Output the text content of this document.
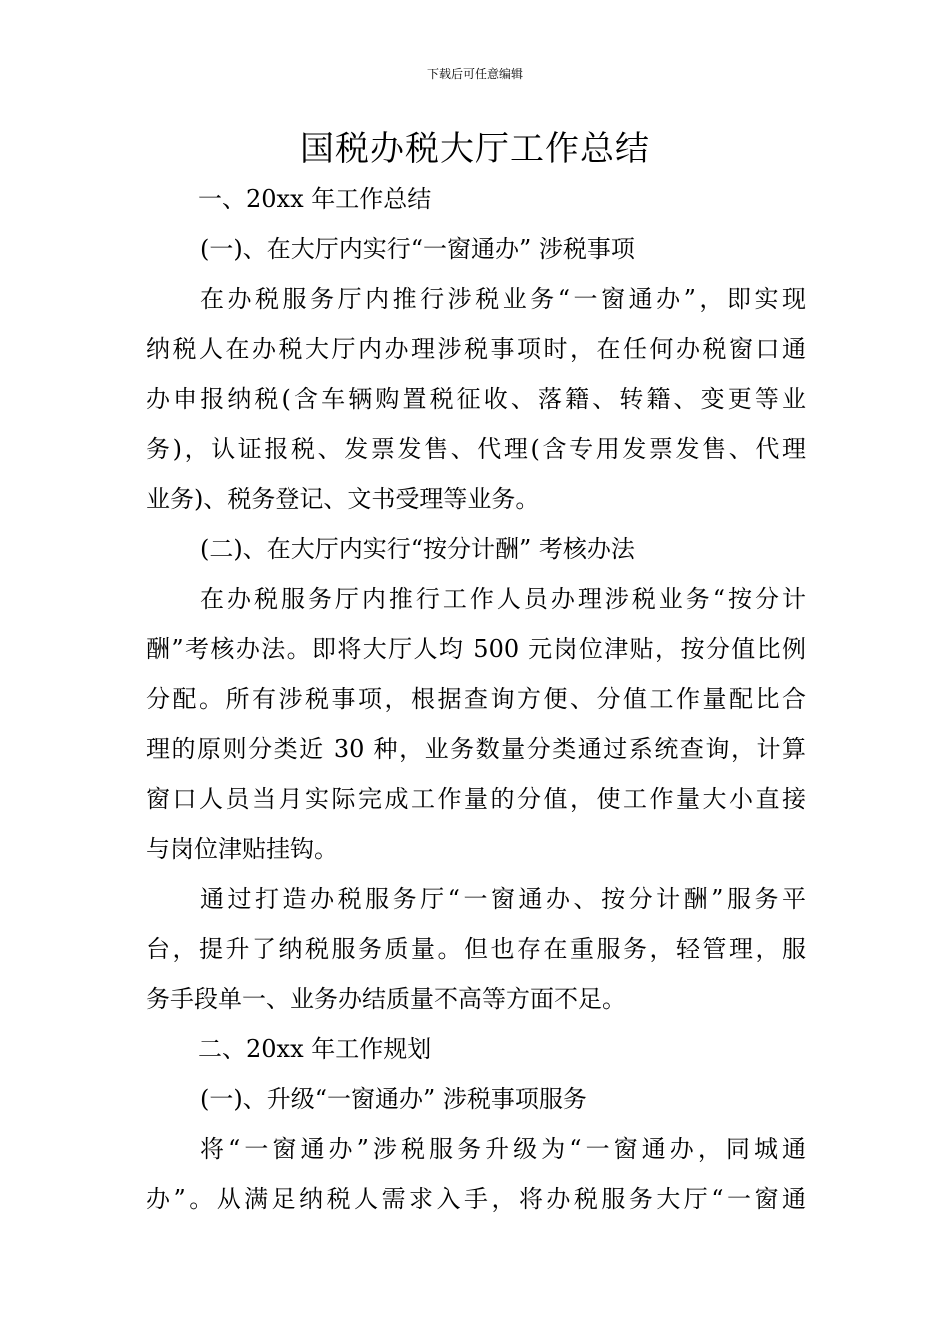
下载后可任意编辑
国税办税大厅工作总结
一、20xx 年工作总结
(一)、在大厅内实行“一窗通办” 涉税事项
在办税服务厅内推行涉税业务“一窗通办”，即实现
纳税人在办税大厅内办理涉税事项时，在任何办税窗口通
办申报纳税(含车辆购置税征收、落籍、转籍、变更等业
务)，认证报税、发票发售、代理(含专用发票发售、代理
业务)、税务登记、文书受理等业务。
(二)、在大厅内实行“按分计酬” 考核办法
在办税服务厅内推行工作人员办理涉税业务“按分计
酬”考核办法。即将大厅人均 500 元岗位津贴，按分值比例
分配。所有涉税事项，根据查询方便、分值工作量配比合
理的原则分类近 30 种，业务数量分类通过系统查询，计算
窗口人员当月实际完成工作量的分值，使工作量大小直接
与岗位津贴挂钩。
通过打造办税服务厅“一窗通办、按分计酬”服务平
台，提升了纳税服务质量。但也存在重服务，轻管理，服
务手段单一、业务办结质量不高等方面不足。
二、20xx 年工作规划
(一)、升级“一窗通办” 涉税事项服务
将“一窗通办”涉税服务升级为“一窗通办，同城通
办”。从满足纳税人需求入手，将办税服务大厅“一窗通
